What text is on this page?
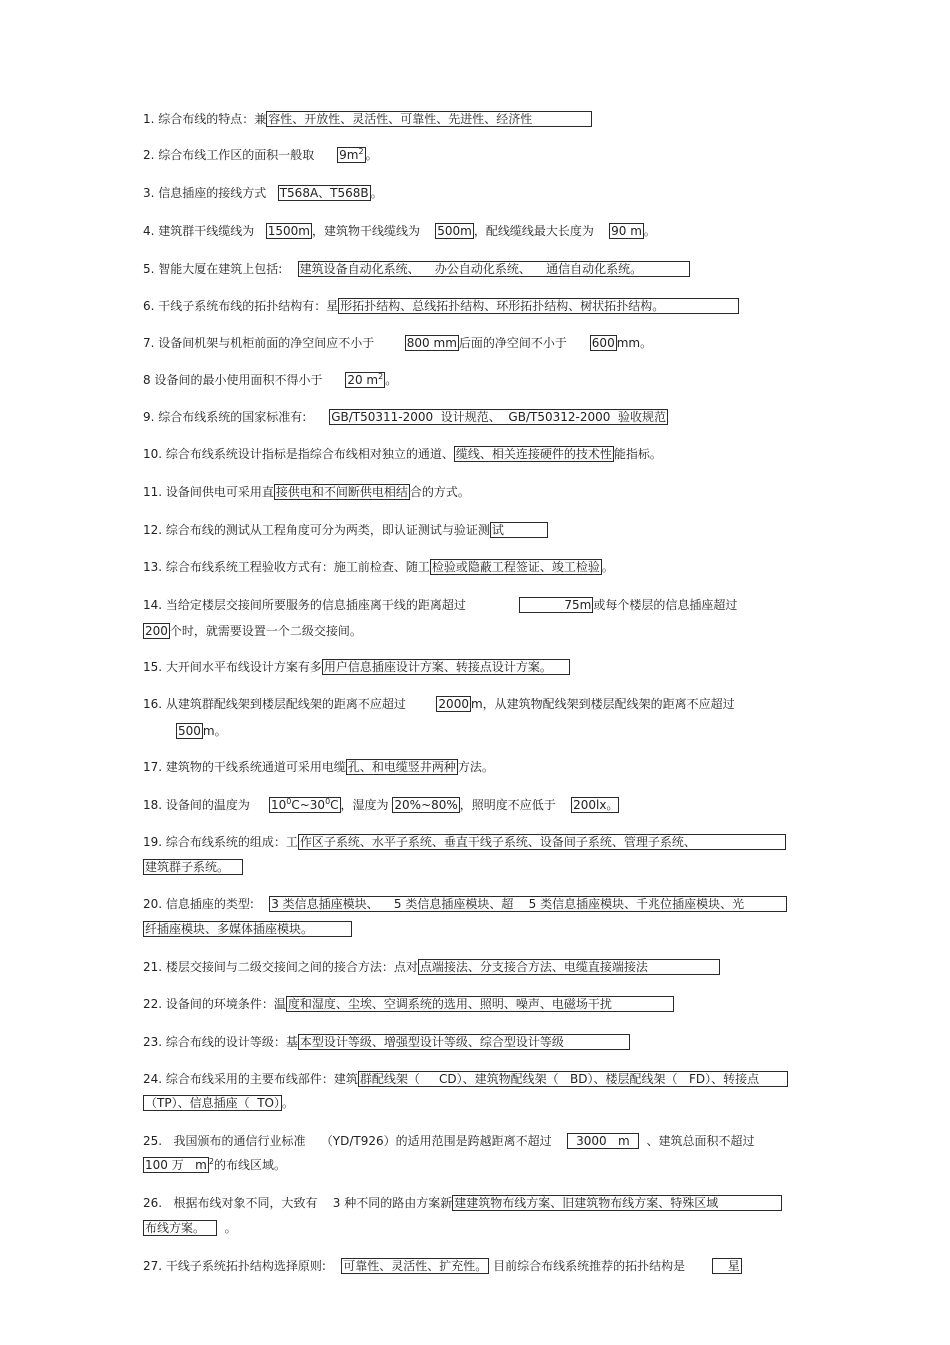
1. 综合布线的特点：兼 容性、开放性、灵活性、可靠性、先进性、经济性
2. 综合布线工作区的面积一般取 $9m^2$ 。
3. 信息插座的接线方式 T568A、T568B 。
4. 建筑群干线缆线为 1500m ，建筑物干线缆线为 500m ，配线缆线最大长度为 90 m 。
5. 智能大厦在建筑上包括: 建筑设备自动化系统、    办公自动化系统、    通信自动化系统。
6. 干线子系统布线的拓扑结构有：星 形拓扑结构、总线拓扑结构、环形拓扑结构、树状拓扑结构。
7. 设备间机架与机柜前面的净空间应不小于	800 mm 后面的净空间不小于 600 mm。
8 设备间的最小使用面积不得小于 20 $m^2$ 。
9. 综合布线系统的国家标准有: GB/T50311-2000  设计规范、  GB/T50312-2000  验收规范
10. 综合布线系统设计指标是指综合布线相对独立的通道、 缆线、相关连接硬件的技术性 能指标。
11. 设备间供电可采用直 接供电和不间断供电相结 合的方式。
12. 综合布线的测试从工程角度可分为两类，即认证测试与验证测 试
13. 综合布线系统工程验收方式有：施工前检查、随工 检验或隐蔽工程签证、竣工检验 。
14. 当给定楼层交接间所要服务的信息插座离干线的距离超过	75m 或每个楼层的信息插座超过
200 个时，就需要设置一个二级交接间。
15. 大开间水平布线设计方案有多 用户信息插座设计方案、转接点设计方案。
16. 从建筑群配线架到楼层配线架的距离不应超过	2000 m，从建筑物配线架到楼层配线架的距离不应超过
500 m。
17. 建筑物的干线系统通道可采用电缆 孔、和电缆竖井两种 方法。
18. 设备间的温度为 $10^0C\sim 30^0C$ ，湿度为 20%~80% ，照明度不应低于 200lx。
19. 综合布线系统的组成：工 作区子系统、水平子系统、垂直干线子系统、设备间子系统、管理子系统、
建筑群子系统。
20. 信息插座的类型: 3 类信息插座模块、    5 类信息插座模块、超    5 类信息插座模块、千兆位插座模块、光
纤插座模块、多媒体插座模块。
21. 楼层交接间与二级交接间之间的接合方法：点对 点端接法、分支接合方法、电缆直接端接法
22. 设备间的环境条件：温 度和湿度、尘埃、空调系统的选用、照明、噪声、电磁场干扰
23. 综合布线的设计等级：基 本型设计等级、增强型设计等级、综合型设计等级
24. 综合布线采用的主要布线部件：建筑 群配线架（     CD）、建筑物配线架（   BD）、楼层配线架（   FD）、转接点
（TP）、信息插座（  TO） 。
25.   我国颁布的通信行业标准    （YD/T926）的适用范围是跨越距离不超过 3000   m  、建筑总面积不超过
100 万   m $^2$的布线区域。
26.   根据布线对象不同，大致有    3 种不同的路由方案新 建建筑物布线方案、旧建筑物布线方案、特殊区域
布线方案。  。
27. 干线子系统拓扑结构选择原则: 可靠性、灵活性、扩充性。 目前综合布线系统推荐的拓扑结构是	星
